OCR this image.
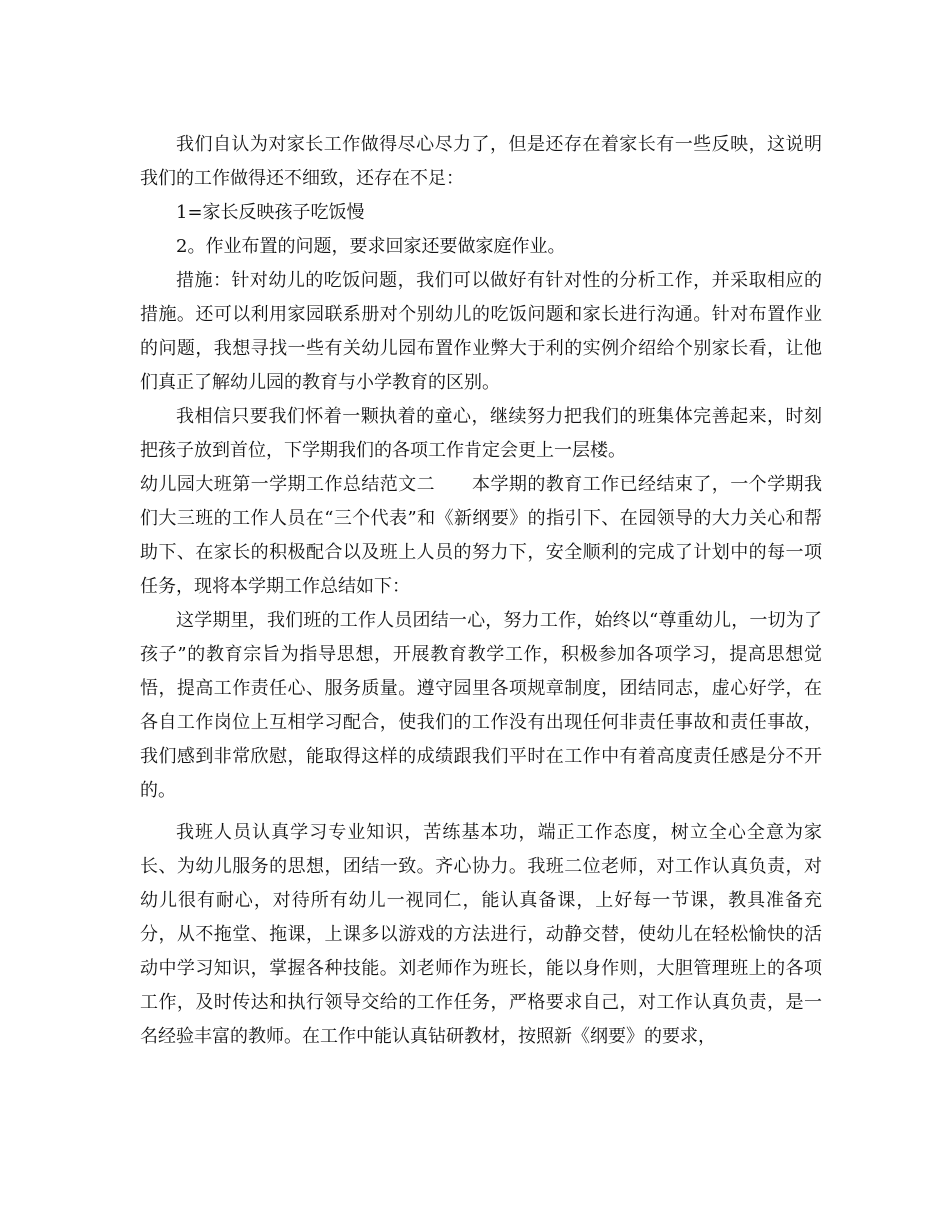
我们自认为对家长工作做得尽心尽力了，但是还存在着家长有一些反映，这说明我们的工作做得还不细致，还存在不足：

1=家长反映孩子吃饭慢

2。作业布置的问题，要求回家还要做家庭作业。

措施：针对幼儿的吃饭问题，我们可以做好有针对性的分析工作，并采取相应的措施。还可以利用家园联系册对个别幼儿的吃饭问题和家长进行沟通。针对布置作业的问题，我想寻找一些有关幼儿园布置作业弊大于利的实例介绍给个别家长看，让他们真正了解幼儿园的教育与小学教育的区别。

我相信只要我们怀着一颗执着的童心，继续努力把我们的班集体完善起来，时刻把孩子放到首位，下学期我们的各项工作肯定会更上一层楼。

幼儿园大班第一学期工作总结范文二　　本学期的教育工作已经结束了，一个学期我们大三班的工作人员在“三个代表”和《新纲要》的指引下、在园领导的大力关心和帮助下、在家长的积极配合以及班上人员的努力下，安全顺利的完成了计划中的每一项任务，现将本学期工作总结如下：

这学期里，我们班的工作人员团结一心，努力工作，始终以“尊重幼儿，一切为了孩子”的教育宗旨为指导思想，开展教育教学工作，积极参加各项学习，提高思想觉悟，提高工作责任心、服务质量。遵守园里各项规章制度，团结同志，虚心好学，在各自工作岗位上互相学习配合，使我们的工作没有出现任何非责任事故和责任事故，我们感到非常欣慰，能取得这样的成绩跟我们平时在工作中有着高度责任感是分不开的。

我班人员认真学习专业知识，苦练基本功，端正工作态度，树立全心全意为家长、为幼儿服务的思想，团结一致。齐心协力。我班二位老师，对工作认真负责，对幼儿很有耐心，对待所有幼儿一视同仁，能认真备课，上好每一节课，教具准备充分，从不拖堂、拖课，上课多以游戏的方法进行，动静交替，使幼儿在轻松愉快的活动中学习知识，掌握各种技能。刘老师作为班长，能以身作则，大胆管理班上的各项工作，及时传达和执行领导交给的工作任务，严格要求自己，对工作认真负责，是一名经验丰富的教师。在工作中能认真钻研教材，按照新《纲要》的要求，
